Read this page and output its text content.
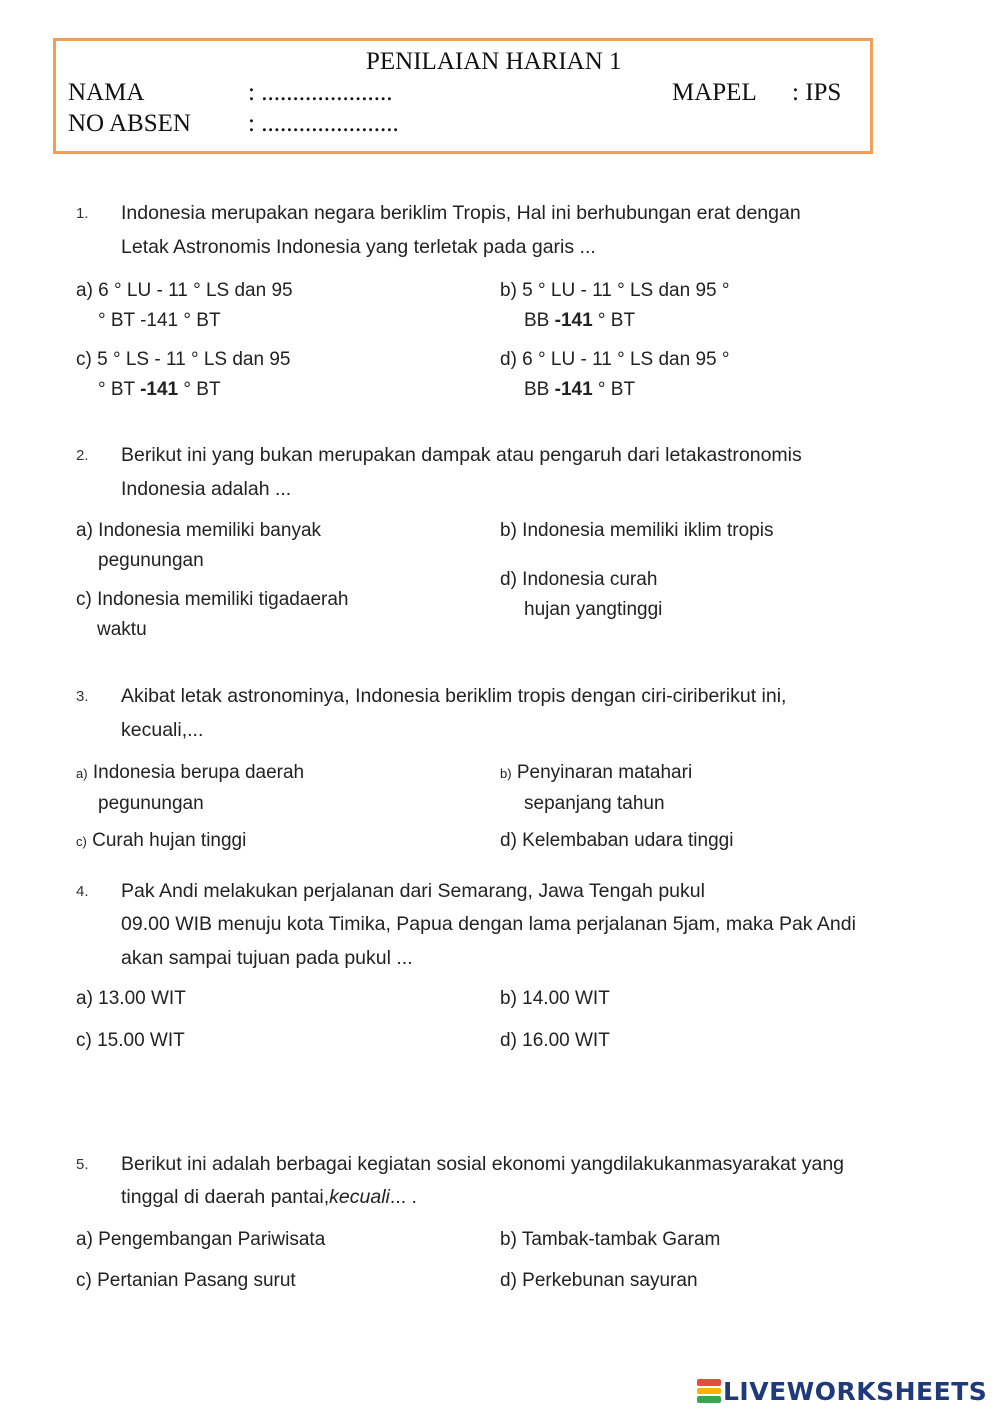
PENILAIAN HARIAN 1
NAMA	: .....................	MAPEL : IPS
NO ABSEN : ......................
1. Indonesia merupakan negara beriklim Tropis, Hal ini berhubungan erat dengan
Letak Astronomis Indonesia yang terletak pada garis ...
a) 6 ° LU - 11 ° LS dan 95
° BT -141 ° BT
b) 5 ° LU - 11 ° LS dan 95 °
BB -141 ° BT
c) 5 ° LS - 11 ° LS dan 95
° BT -141 ° BT
d) 6 ° LU - 11 ° LS dan 95 °
BB -141 ° BT
2. Berikut ini yang bukan merupakan dampak atau pengaruh dari letakastronomis
Indonesia adalah ...
a) Indonesia memiliki banyak
pegunungan
b) Indonesia memiliki iklim tropis
c) Indonesia memiliki tigadaerah
waktu
d) Indonesia curah
hujan yangtinggi
3. Akibat letak astronominya, Indonesia beriklim tropis dengan ciri-ciriberikut ini,
kecuali,...
a) Indonesia berupa daerah
pegunungan
b) Penyinaran matahari
sepanjang tahun
c) Curah hujan tinggi	d) Kelembaban udara tinggi
4. Pak Andi melakukan perjalanan dari Semarang, Jawa Tengah pukul
09.00 WIB menuju kota Timika, Papua dengan lama perjalanan 5jam, maka Pak Andi
akan sampai tujuan pada pukul ...
a) 13.00 WIT	b) 14.00 WIT
c) 15.00 WIT	d) 16.00 WIT
5. Berikut ini adalah berbagai kegiatan sosial ekonomi yangdilakukanmasyarakat yang
tinggal di daerah pantai,kecuali... .
a) Pengembangan Pariwisata	b) Tambak-tambak Garam
c) Pertanian Pasang surut	d) Perkebunan sayuran
LIVEWORKSHEETS
